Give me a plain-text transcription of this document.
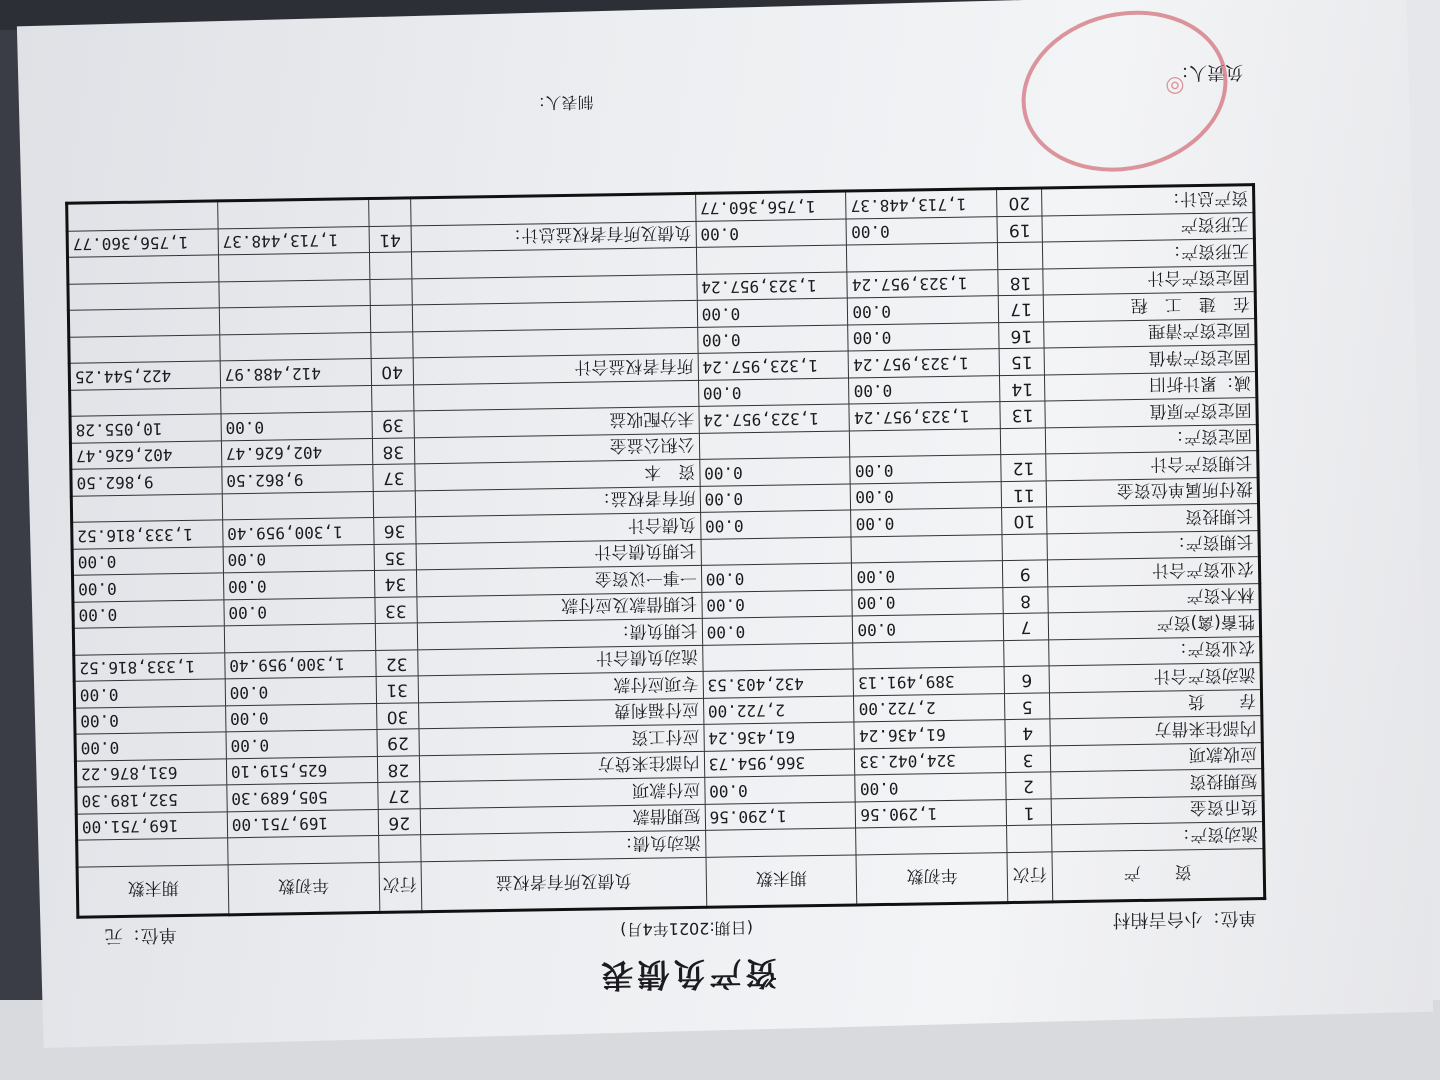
资产负债表
单位：小台吉柏村
(日期:2021年4月)
单位：元
资　　产	行次	年初数	期末数	负债及所有者权益	行次	年初数	期末数
流动资产：				流动负债：			
货币资金	1	1,290.56	1,290.56	短期借款	26	169,751.00	169,751.00
短期投资	2	0.00	0.00	应付款项	27	505,689.30	532,189.30
应收款项	3	324,042.33	366,954.73	内部往来贷方	28	625,519.10	631,876.22
内部往来借方	4	61,436.24	61,436.24	应付工资	29	0.00	0.00
存　　货	5	2,722.00	2,722.00	应付福利费	30	0.00	0.00
流动资产合计	6	389,491.13	432,403.53	专项应付款	31	0.00	0.00
农业资产：				流动负债合计	32	1,300,959.40	1,333,816.52
牲畜(禽)资产	7	0.00	0.00	长期负债：			
林木资产	8	0.00	0.00	长期借款及应付款	33	0.00	0.00
农业资产合计	9	0.00	0.00	一事一议资金	34	0.00	0.00
长期资产：				长期负债合计	35	0.00	0.00
长期投资	10	0.00	0.00	负债合计	36	1,300,959.40	1,333,816.52
拨付所属单位资金	11	0.00	0.00	所有者权益：			
长期资产合计	12	0.00	0.00	资　本	37	9,862.50	9,862.50
固定资产：				公积公益金	38	402,626.47	402,626.47
固定资产原值	13	1,323,957.24	1,323,957.24	未分配收益	39	0.00	10,055.28
减：累计折旧	14	0.00	0.00				
固定资产净值	15	1,323,957.24	1,323,957.24	所有者权益合计	40	412,488.97	422,544.25
固定资产清理	16	0.00	0.00				
在　建　工　程	17	0.00	0.00				
固定资产合计	18	1,323,957.24	1,323,957.24				
无形资产：							
无形资产	19	0.00	0.00	负债及所有者权益总计：	41	1,713,448.37	1,756,360.77
资产总计：	20	1,713,448.37	1,756,360.77				
负责人：
制表人：
◎
